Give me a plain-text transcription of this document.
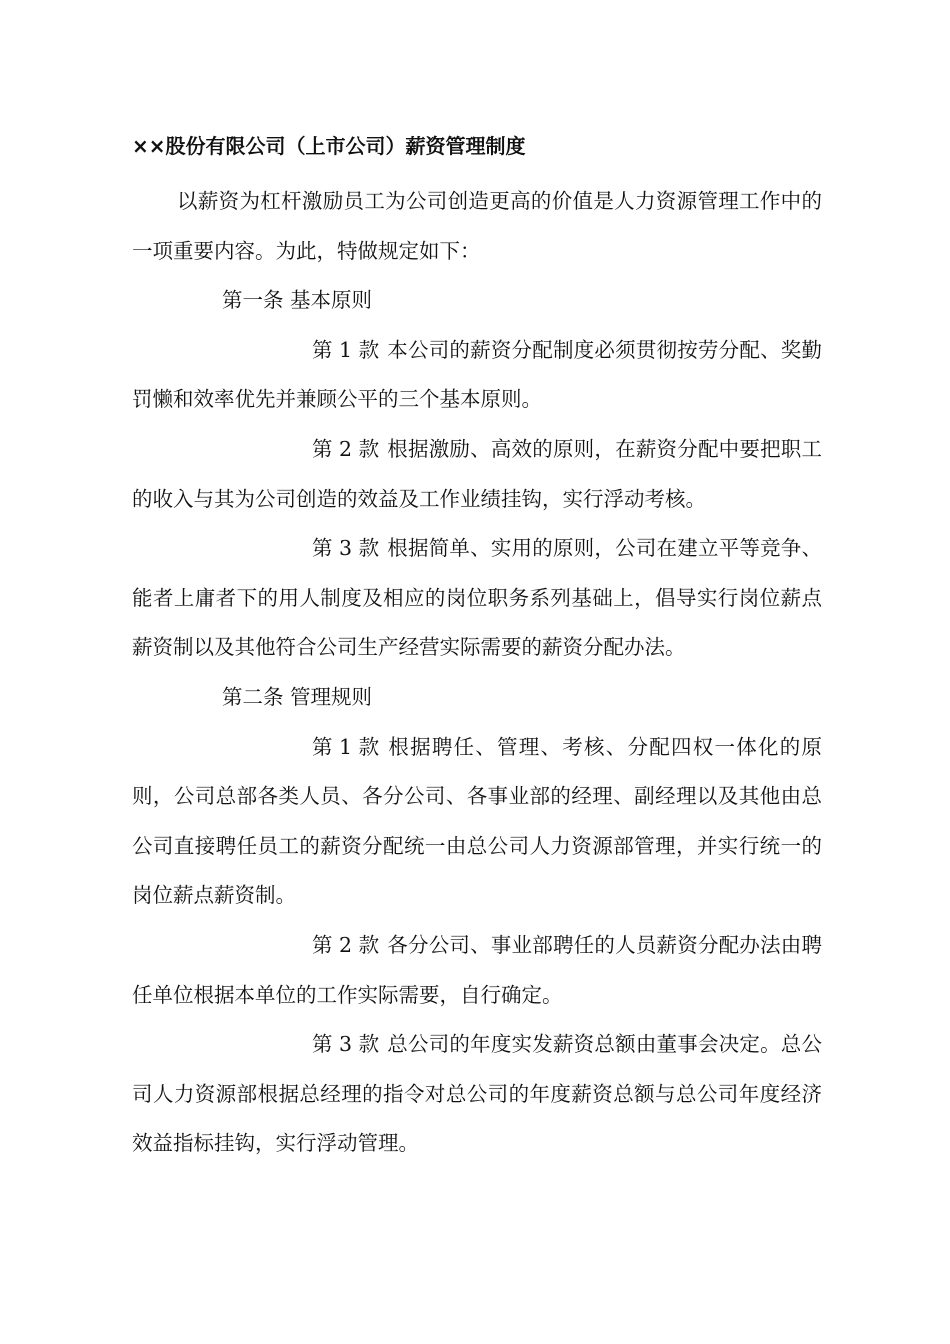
××股份有限公司（上市公司）薪资管理制度

以薪资为杠杆激励员工为公司创造更高的价值是人力资源管理工作中的一项重要内容。为此，特做规定如下：

第一条 基本原则

第 1 款 本公司的薪资分配制度必须贯彻按劳分配、奖勤罚懒和效率优先并兼顾公平的三个基本原则。

第 2 款 根据激励、高效的原则，在薪资分配中要把职工的收入与其为公司创造的效益及工作业绩挂钩，实行浮动考核。

第 3 款 根据简单、实用的原则，公司在建立平等竞争、能者上庸者下的用人制度及相应的岗位职务系列基础上，倡导实行岗位薪点薪资制以及其他符合公司生产经营实际需要的薪资分配办法。

第二条 管理规则

第 1 款 根据聘任、管理、考核、分配四权一体化的原则，公司总部各类人员、各分公司、各事业部的经理、副经理以及其他由总公司直接聘任员工的薪资分配统一由总公司人力资源部管理，并实行统一的岗位薪点薪资制。

第 2 款 各分公司、事业部聘任的人员薪资分配办法由聘任单位根据本单位的工作实际需要，自行确定。

第 3 款 总公司的年度实发薪资总额由董事会决定。总公司人力资源部根据总经理的指令对总公司的年度薪资总额与总公司年度经济效益指标挂钩，实行浮动管理。
